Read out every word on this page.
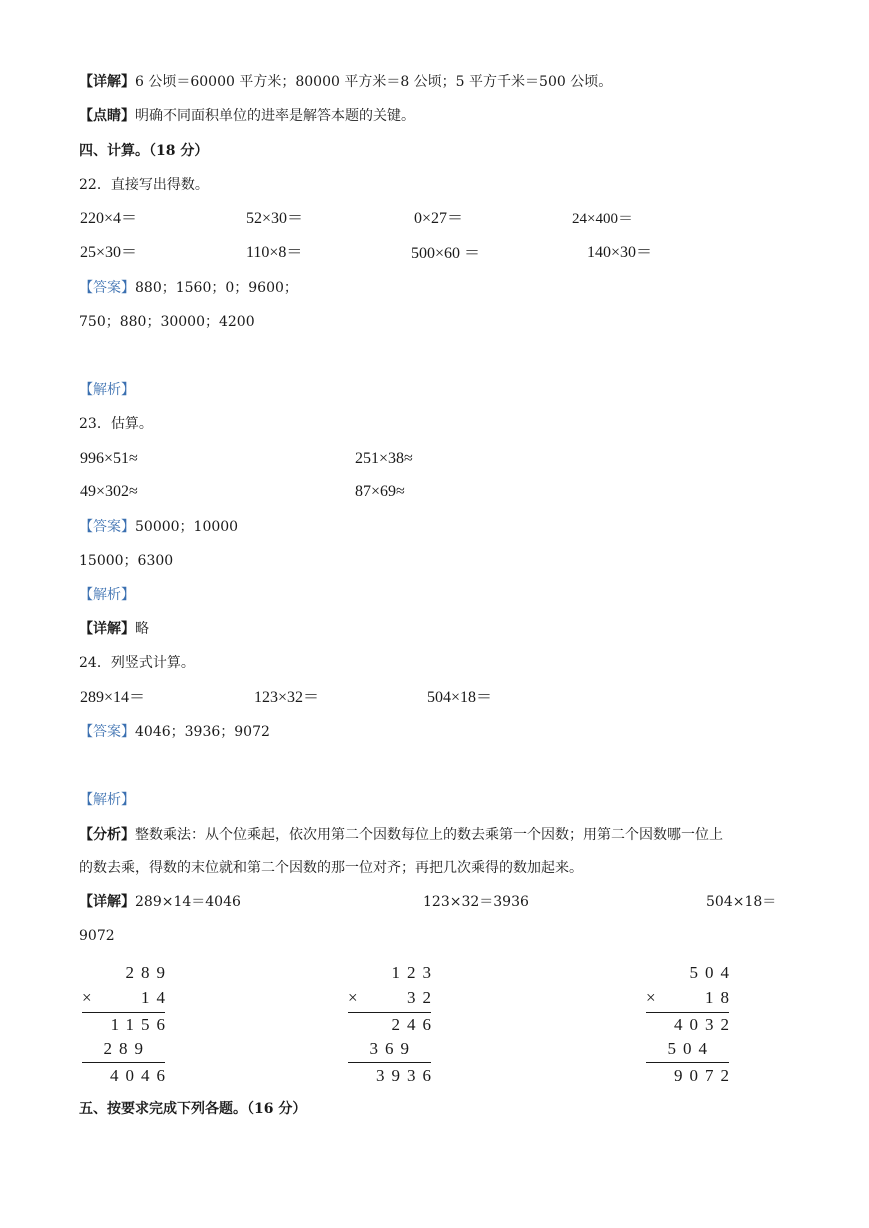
【详解】6 公顷＝60000 平方米；80000 平方米＝8 公顷；5 平方千米＝500 公顷。
【点睛】明确不同面积单位的进率是解答本题的关键。
四、计算。（18 分）
22．直接写出得数。
220×4＝	52×30＝	0×27＝	24×400＝
25×30＝	110×8＝	500×60 ＝	140×30＝
【答案】880；1560；0；9600；
750；880；30000；4200
【解析】
23．估算。
996×51≈	251×38≈
49×302≈	87×69≈
【答案】50000；10000
15000；6300
【解析】
【详解】略
24．列竖式计算。
289×14＝	123×32＝	504×18＝
【答案】4046；3936；9072
【解析】
【分析】整数乘法：从个位乘起，依次用第二个因数每位上的数去乘第一个因数；用第二个因数哪一位上
的数去乘，得数的末位就和第二个因数的那一位对齐；再把几次乘得的数加起来。
【详解】289×14＝4046	123×32＝3936	504×18＝
9072
289
×	14
1156
289
4046
123
×	32
246
369
3936
504
×	18
4032
504
9072
五、按要求完成下列各题。（16 分）
